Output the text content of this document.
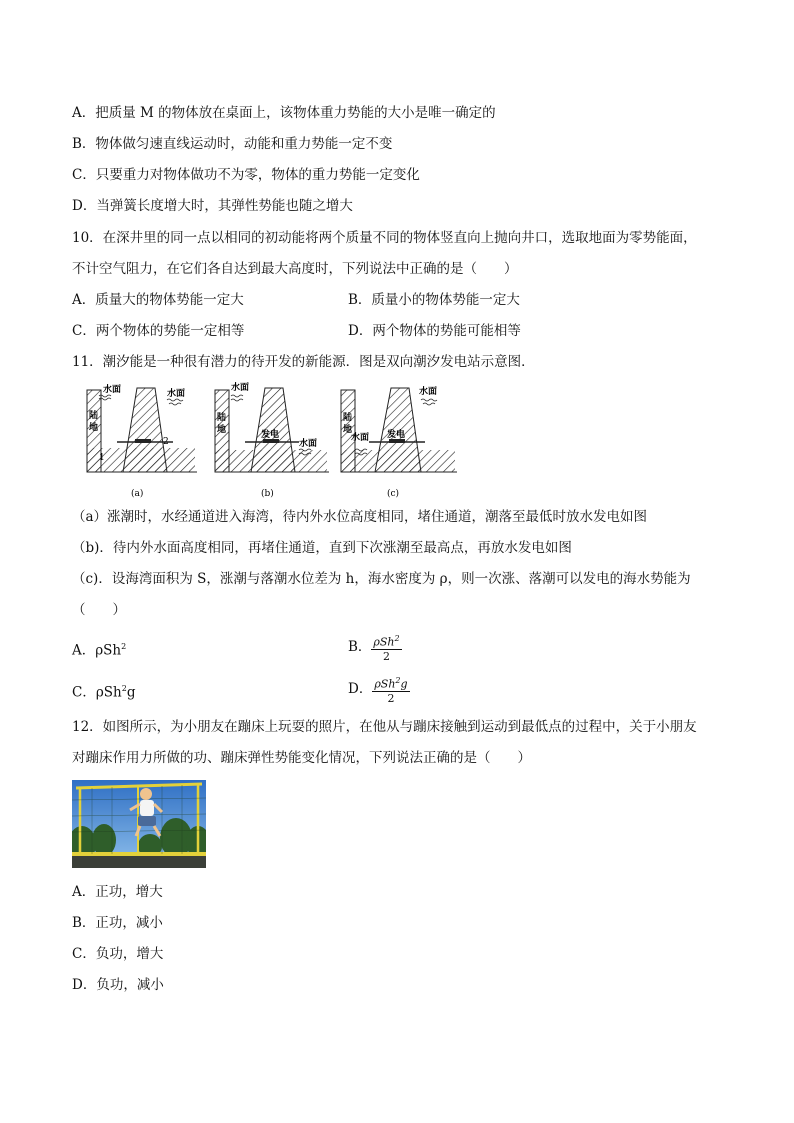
A．把质量 M 的物体放在桌面上，该物体重力势能的大小是唯一确定的
B．物体做匀速直线运动时，动能和重力势能一定不变
C．只要重力对物体做功不为零，物体的重力势能一定变化
D．当弹簧长度增大时，其弹性势能也随之增大
10．在深井里的同一点以相同的初动能将两个质量不同的物体竖直向上抛向井口，选取地面为零势能面，
不计空气阻力，在它们各自达到最大高度时，下列说法中正确的是（　　）
A．质量大的物体势能一定大	B．质量小的物体势能一定大
C．两个物体的势能一定相等	D．两个物体的势能可能相等
11．潮汐能是一种很有潜力的待开发的新能源．图是双向潮汐发电站示意图．
水面	水面
陆
地
1
2
(a)
水面
水面
陆
地	发电
(b)
水面
水面
陆
地	发电
(c)
（a）涨潮时，水经通道进入海湾，待内外水位高度相同，堵住通道，潮落至最低时放水发电如图
（b)．待内外水面高度相同，再堵住通道，直到下次涨潮至最高点，再放水发电如图
（c)．设海湾面积为 S，涨潮与落潮水位差为 h，海水密度为 ρ，则一次涨、落潮可以发电的海水势能为
（　　）
A．ρSh$^2$	B． $\frac{\rho Sh^2}{2}$
C．ρSh$^2$g	D． $\frac{\rho Sh^2g}{2}$
12．如图所示，为小朋友在蹦床上玩耍的照片，在他从与蹦床接触到运动到最低点的过程中，关于小朋友
对蹦床作用力所做的功、蹦床弹性势能变化情况，下列说法正确的是（　　）
A．正功，增大
B．正功，减小
C．负功，增大
D．负功，减小
